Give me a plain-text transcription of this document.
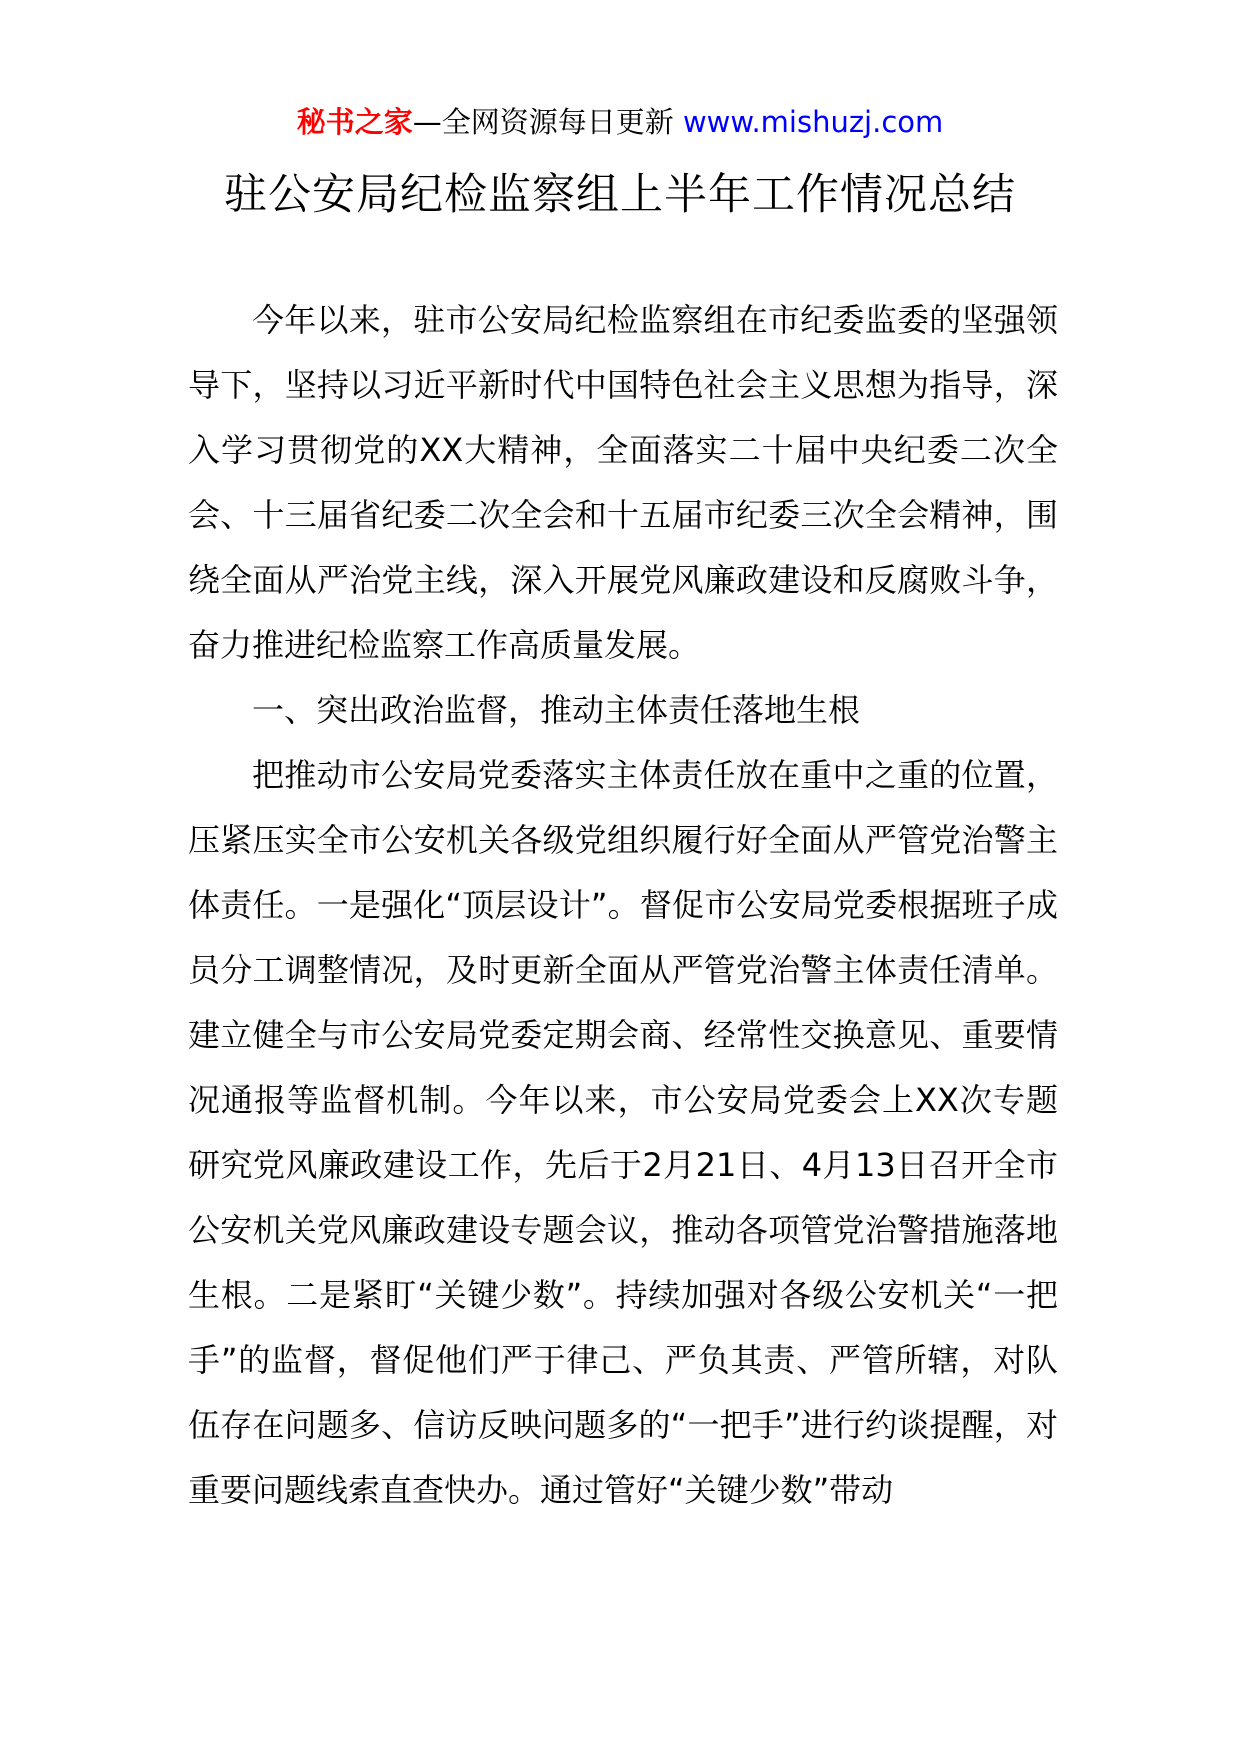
秘书之家—全网资源每日更新 www.mishuzj.com
驻公安局纪检监察组上半年工作情况总结

今年以来，驻市公安局纪检监察组在市纪委监委的坚强领导下，坚持以习近平新时代中国特色社会主义思想为指导，深入学习贯彻党的XX大精神，全面落实二十届中央纪委二次全会、十三届省纪委二次全会和十五届市纪委三次全会精神，围绕全面从严治党主线，深入开展党风廉政建设和反腐败斗争，奋力推进纪检监察工作高质量发展。

一、突出政治监督，推动主体责任落地生根

把推动市公安局党委落实主体责任放在重中之重的位置，压紧压实全市公安机关各级党组织履行好全面从严管党治警主体责任。一是强化“顶层设计”。督促市公安局党委根据班子成员分工调整情况，及时更新全面从严管党治警主体责任清单。建立健全与市公安局党委定期会商、经常性交换意见、重要情况通报等监督机制。今年以来，市公安局党委会上XX次专题研究党风廉政建设工作，先后于2月21日、4月13日召开全市公安机关党风廉政建设专题会议，推动各项管党治警措施落地生根。二是紧盯“关键少数”。持续加强对各级公安机关“一把手”的监督，督促他们严于律己、严负其责、严管所辖，对队伍存在问题多、信访反映问题多的“一把手”进行约谈提醒，对重要问题线索直查快办。通过管好“关键少数”带动
